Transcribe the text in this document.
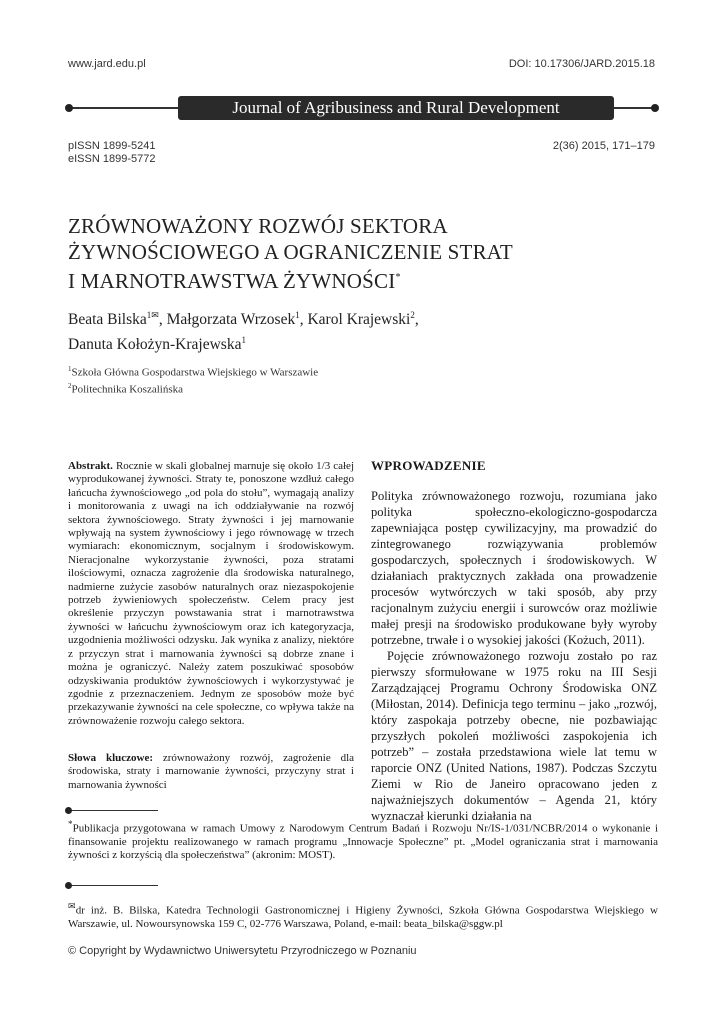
www.jard.edu.pl	DOI: 10.17306/JARD.2015.18
Journal of Agribusiness and Rural Development
pISSN 1899-5241
eISSN 1899-5772
2(36) 2015, 171–179
ZRÓWNOWAŻONY ROZWÓJ SEKTORA
ŻYWNOŚCIOWEGO A OGRANICZENIE STRAT
I MARNOTRAWSTWA ŻYWNOŚCI*
Beata Bilska$^{1✉}$, Małgorzata Wrzosek$^1$, Karol Krajewski$^2$,
Danuta Kołożyn-Krajewska$^1$
$^1$Szkoła Główna Gospodarstwa Wiejskiego w Warszawie
$^2$Politechnika Koszalińska
Abstrakt. Rocznie w skali globalnej marnuje się około 1/3 całej wyprodukowanej żywności. Straty te, ponoszone wzdłuż całego łańcucha żywnościowego „od pola do stołu”, wymagają analizy i monitorowania z uwagi na ich oddziaływanie na rozwój sektora żywnościowego. Straty żywności i jej marnowanie wpływają na system żywnościowy i jego równowagę w trzech wymiarach: ekonomicznym, socjalnym i środowiskowym. Nieracjonalne wykorzystanie żywności, poza stratami ilościowymi, oznacza zagrożenie dla środowiska naturalnego, nadmierne zużycie zasobów naturalnych oraz niezaspokojenie potrzeb żywieniowych społeczeństw. Celem pracy jest określenie przyczyn powstawania strat i marnotrawstwa żywności w łańcuchu żywnościowym oraz ich kategoryzacja, uzgodnienia możliwości odzysku. Jak wynika z analizy, niektóre z przyczyn strat i marnowania żywności są dobrze znane i można je ograniczyć. Należy zatem poszukiwać sposobów odzyskiwania produktów żywnościowych i wykorzystywać je zgodnie z przeznaczeniem. Jednym ze sposobów może być przekazywanie żywności na cele społeczne, co wpływa także na zrównoważenie rozwoju całego sektora.
Słowa kluczowe: zrównoważony rozwój, zagrożenie dla środowiska, straty i marnowanie żywności, przyczyny strat i marnowania żywności
WPROWADZENIE

Polityka zrównoważonego rozwoju, rozumiana jako polityka społeczno-ekologiczno-gospodarcza zapewniająca postęp cywilizacyjny, ma prowadzić do zintegrowanego rozwiązywania problemów gospodarczych, społecznych i środowiskowych. W działaniach praktycznych zakłada ona prowadzenie procesów wytwórczych w taki sposób, aby przy racjonalnym zużyciu energii i surowców oraz możliwie małej presji na środowisko produkowane były wyroby potrzebne, trwałe i o wysokiej jakości (Kożuch, 2011).

Pojęcie zrównoważonego rozwoju zostało po raz pierwszy sformułowane w 1975 roku na III Sesji Zarządzającej Programu Ochrony Środowiska ONZ (Miłostan, 2014). Definicja tego terminu – jako „rozwój, który zaspokaja potrzeby obecne, nie pozbawiając przyszłych pokoleń możliwości zaspokojenia ich potrzeb” – została przedstawiona wiele lat temu w raporcie ONZ (United Nations, 1987). Podczas Szczytu Ziemi w Rio de Janeiro opracowano jeden z najważniejszych dokumentów – Agenda 21, który wyznaczał kierunki działania na

*Publikacja przygotowana w ramach Umowy z Narodowym Centrum Badań i Rozwoju Nr/IS-1/031/NCBR/2014 o wykonanie i finansowanie projektu realizowanego w ramach programu „Innowacje Społeczne” pt. „Model ograniczania strat i marnowania żywności z korzyścią dla społeczeństwa” (akronim: MOST).
✉dr inż. B. Bilska, Katedra Technologii Gastronomicznej i Higieny Żywności, Szkoła Główna Gospodarstwa Wiejskiego w Warszawie, ul. Nowoursynowska 159 C, 02-776 Warszawa, Poland, e-mail: beata_bilska@sggw.pl
© Copyright by Wydawnictwo Uniwersytetu Przyrodniczego w Poznaniu
